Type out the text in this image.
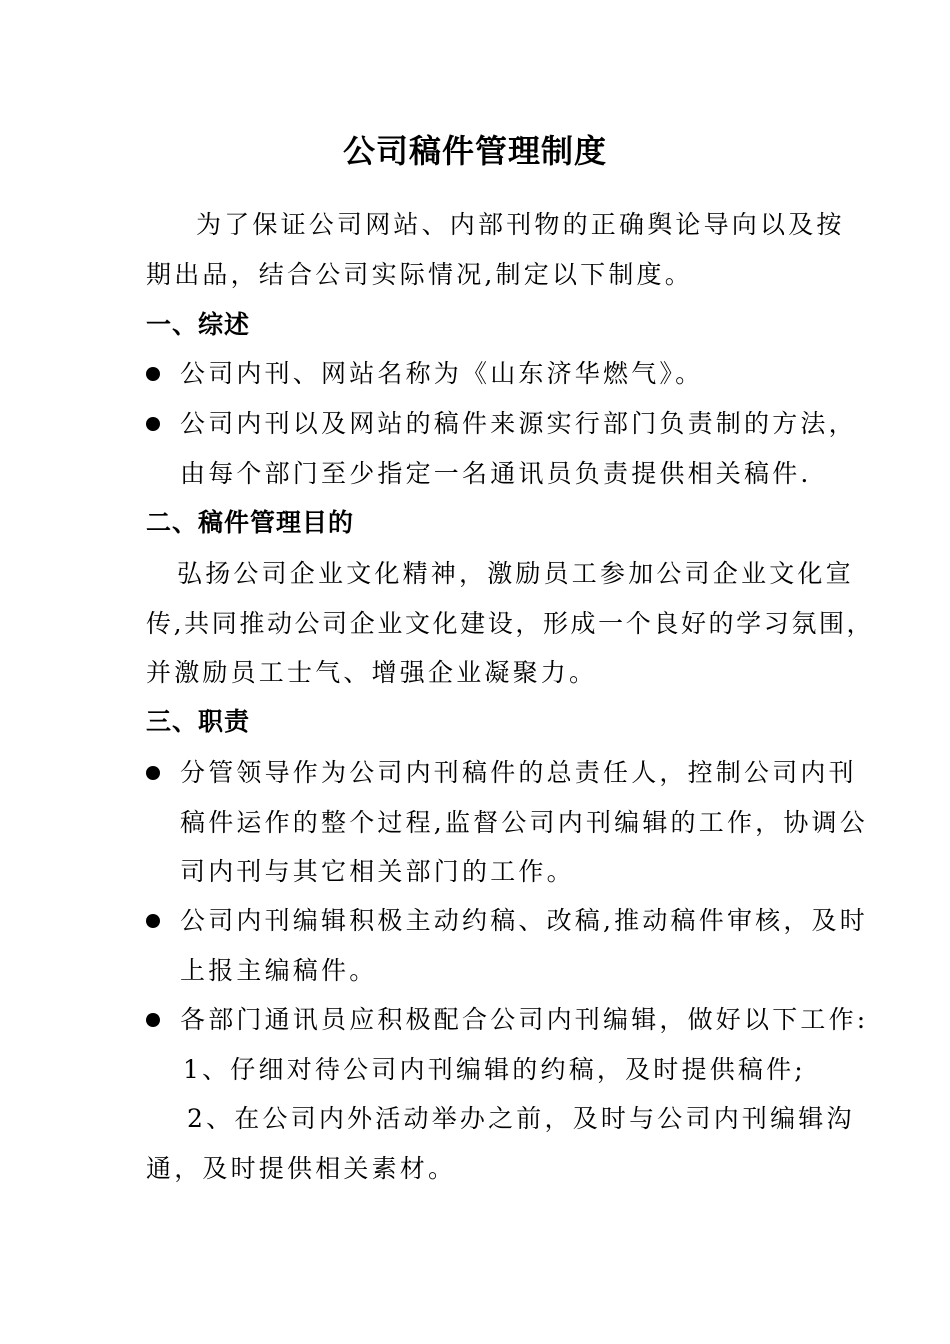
公司稿件管理制度
为了保证公司网站、内部刊物的正确舆论导向以及按
期出品，结合公司实际情况,制定以下制度。
一、综述
公司内刊、网站名称为《山东济华燃气》。
公司内刊以及网站的稿件来源实行部门负责制的方法，
由每个部门至少指定一名通讯员负责提供相关稿件.
二、稿件管理目的
弘扬公司企业文化精神，激励员工参加公司企业文化宣
传,共同推动公司企业文化建设，形成一个良好的学习氛围，
并激励员工士气、增强企业凝聚力。
三、职责
分管领导作为公司内刊稿件的总责任人，控制公司内刊
稿件运作的整个过程,监督公司内刊编辑的工作，协调公
司内刊与其它相关部门的工作。
公司内刊编辑积极主动约稿、改稿,推动稿件审核，及时
上报主编稿件。
各部门通讯员应积极配合公司内刊编辑，做好以下工作:
1、仔细对待公司内刊编辑的约稿，及时提供稿件;
2、在公司内外活动举办之前，及时与公司内刊编辑沟
通，及时提供相关素材。
